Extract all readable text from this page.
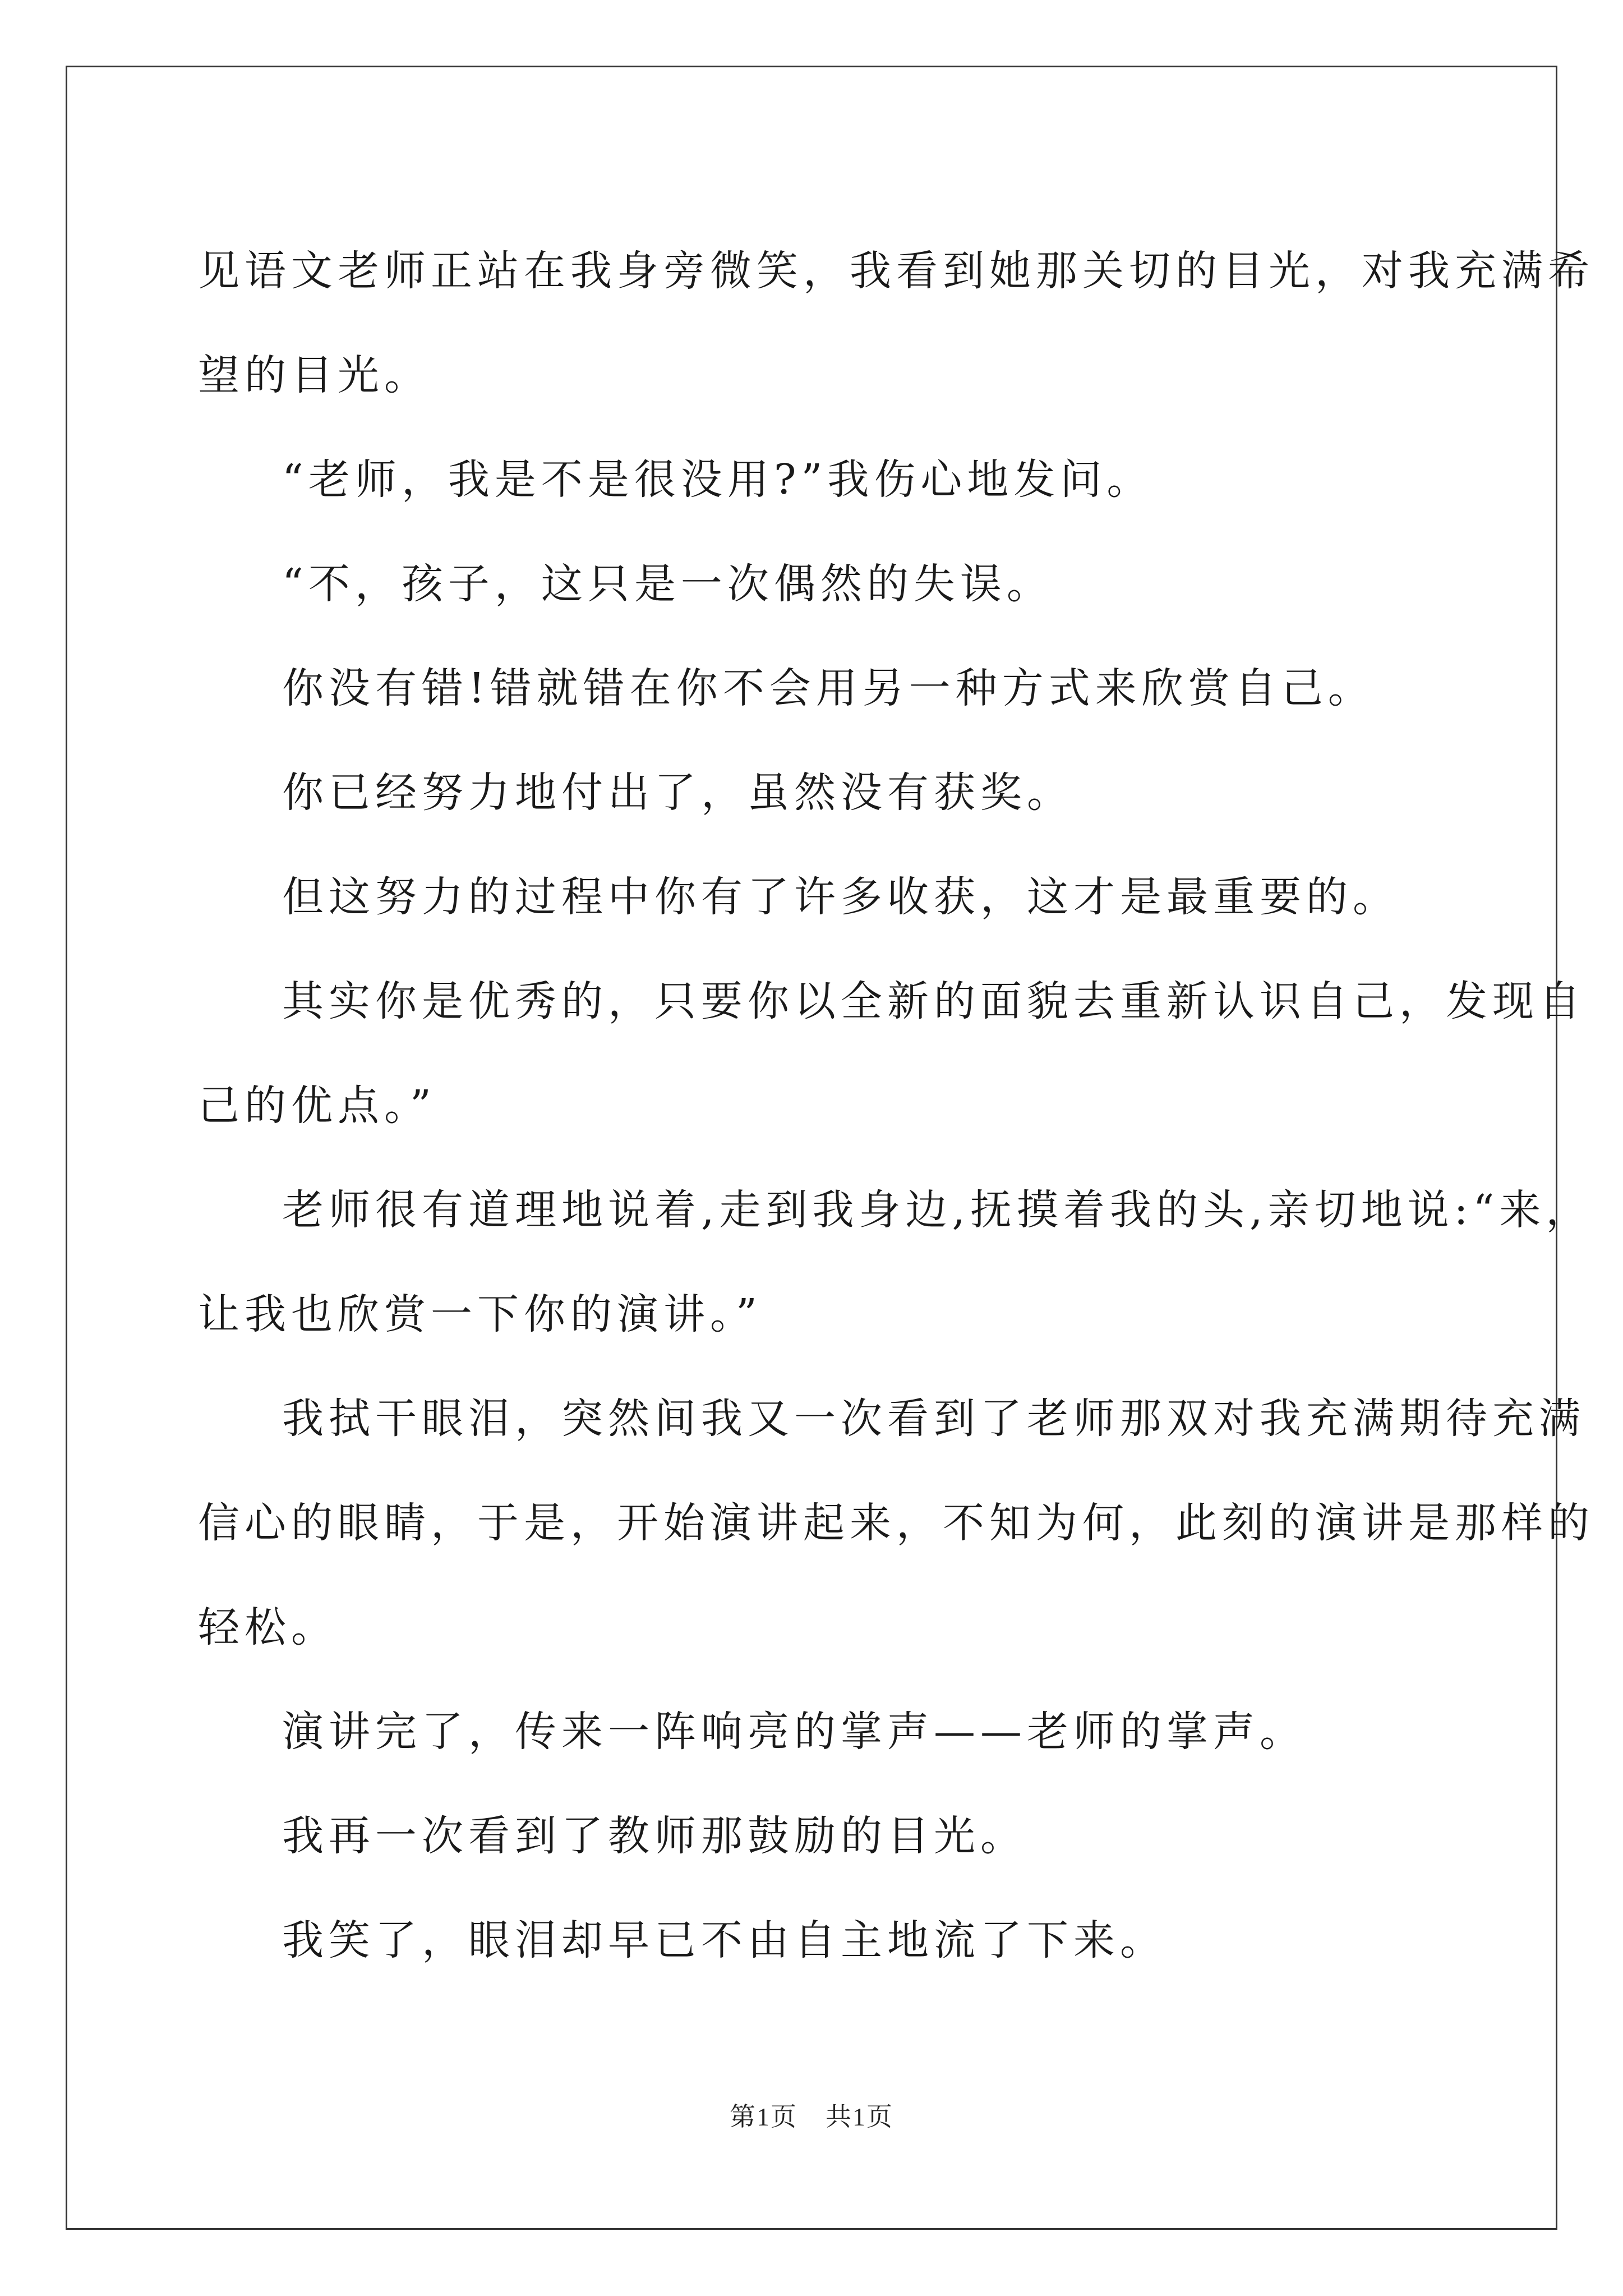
见语文老师正站在我身旁微笑，我看到她那关切的目光，对我充满希

望的目光。

“老师，我是不是很没用?”我伤心地发问。

“不，孩子，这只是一次偶然的失误。

你没有错!错就错在你不会用另一种方式来欣赏自己。

你已经努力地付出了，虽然没有获奖。

但这努力的过程中你有了许多收获，这才是最重要的。

其实你是优秀的，只要你以全新的面貌去重新认识自己，发现自

己的优点。”

老师很有道理地说着,走到我身边,抚摸着我的头,亲切地说:“来，

让我也欣赏一下你的演讲。”

我拭干眼泪，突然间我又一次看到了老师那双对我充满期待充满

信心的眼睛，于是，开始演讲起来，不知为何，此刻的演讲是那样的

轻松。

演讲完了，传来一阵响亮的掌声——老师的掌声。

我再一次看到了教师那鼓励的目光。

我笑了，眼泪却早已不由自主地流了下来。

第1页 共1页
